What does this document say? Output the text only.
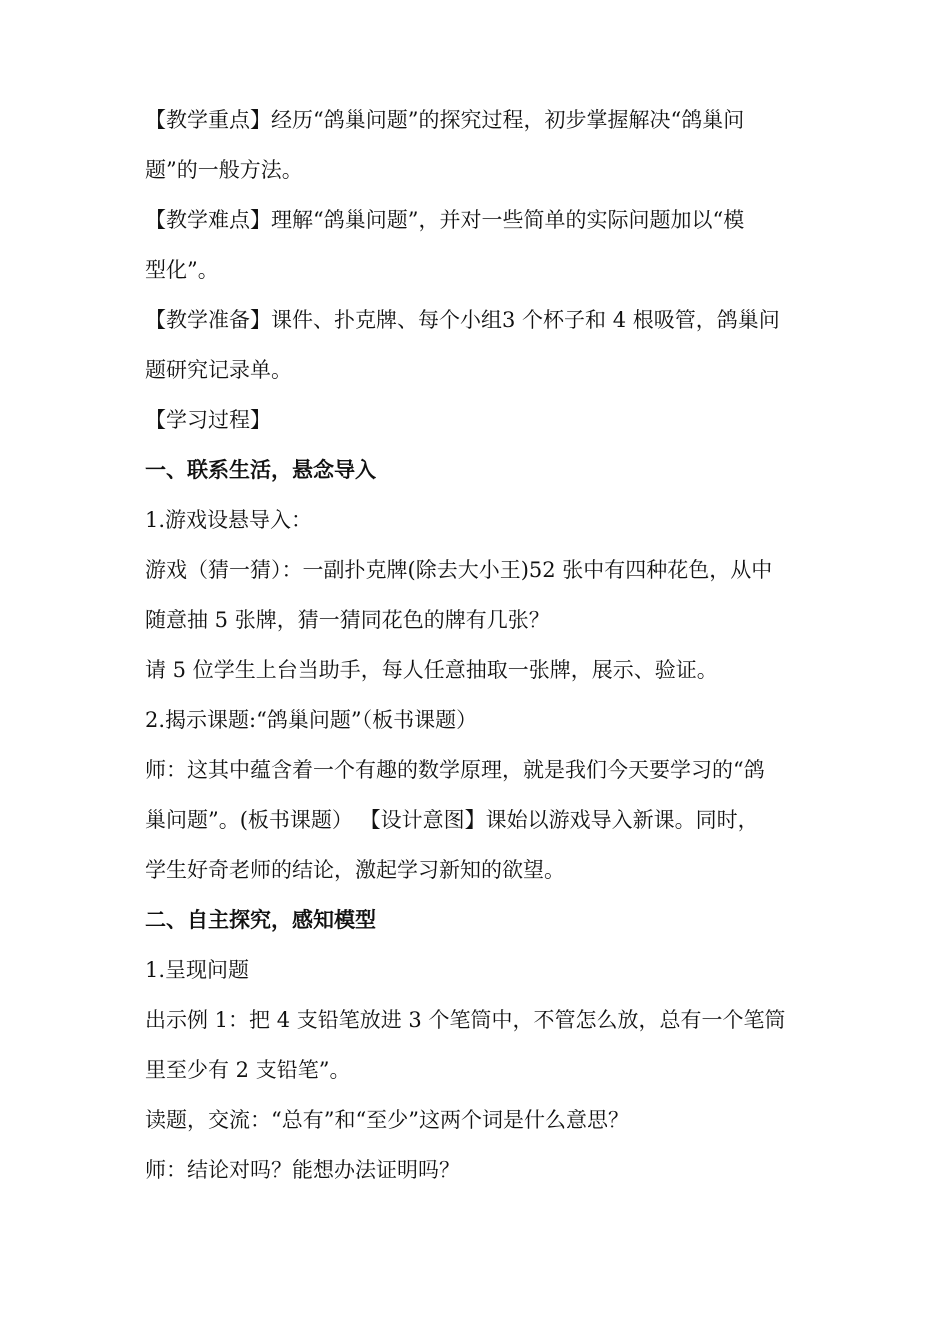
【教学重点】经历“鸽巢问题”的探究过程，初步掌握解决“鸽巢问
题”的一般方法。
【教学难点】理解“鸽巢问题”，并对一些简单的实际问题加以“模
型化”。
【教学准备】课件、扑克牌、每个小组3 个杯子和 4 根吸管，鸽巢问
题研究记录单。
【学习过程】
一、联系生活，悬念导入
1.游戏设悬导入：
游戏（猜一猜）：一副扑克牌(除去大小王)52 张中有四种花色，从中
随意抽 5 张牌，猜一猜同花色的牌有几张？
请 5 位学生上台当助手，每人任意抽取一张牌，展示、验证。
2.揭示课题:“鸽巢问题”（板书课题）
师：这其中蕴含着一个有趣的数学原理，就是我们今天要学习的“鸽
巢问题”。(板书课题） 【设计意图】课始以游戏导入新课。同时，
学生好奇老师的结论，激起学习新知的欲望。
二、自主探究，感知模型
1.呈现问题
出示例 1：把 4 支铅笔放进 3 个笔筒中，不管怎么放，总有一个笔筒
里至少有 2 支铅笔”。
读题，交流：“总有”和“至少”这两个词是什么意思？
师：结论对吗？能想办法证明吗？
